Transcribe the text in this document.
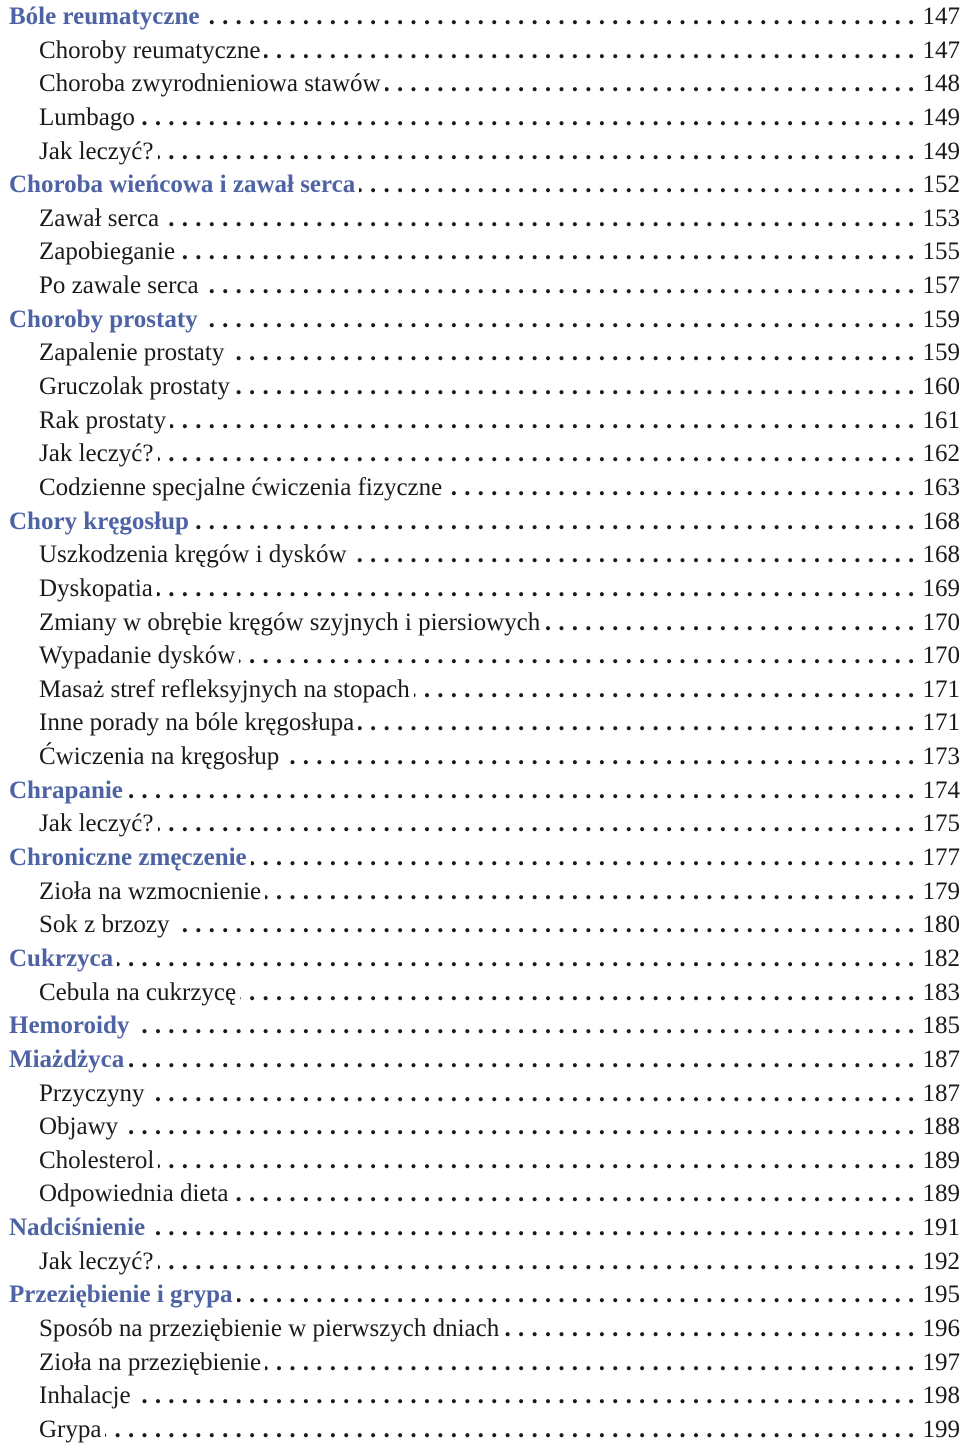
Bóle reumatyczne .....	147
Choroby reumatyczne .....	147
Choroba zwyrodnieniowa stawów .....	148
Lumbago .....	149
Jak leczyć? .....	149
Choroba wieńcowa i zawał serca .....	152
Zawał serca .....	153
Zapobieganie .....	155
Po zawale serca .....	157
Choroby prostaty .....	159
Zapalenie prostaty .....	159
Gruczolak prostaty .....	160
Rak prostaty .....	161
Jak leczyć? .....	162
Codzienne specjalne ćwiczenia fizyczne .....	163
Chory kręgosłup .....	168
Uszkodzenia kręgów i dysków .....	168
Dyskopatia .....	169
Zmiany w obrębie kręgów szyjnych i piersiowych .....	170
Wypadanie dysków .....	170
Masaż stref refleksyjnych na stopach .....	171
Inne porady na bóle kręgosłupa .....	171
Ćwiczenia na kręgosłup .....	173
Chrapanie .....	174
Jak leczyć? .....	175
Chroniczne zmęczenie .....	177
Zioła na wzmocnienie .....	179
Sok z brzozy .....	180
Cukrzyca .....	182
Cebula na cukrzycę .....	183
Hemoroidy .....	185
Miażdżyca .....	187
Przyczyny .....	187
Objawy .....	188
Cholesterol .....	189
Odpowiednia dieta .....	189
Nadciśnienie .....	191
Jak leczyć? .....	192
Przeziębienie i grypa .....	195
Sposób na przeziębienie w pierwszych dniach .....	196
Zioła na przeziębienie .....	197
Inhalacje .....	198
Grypa .....	199
